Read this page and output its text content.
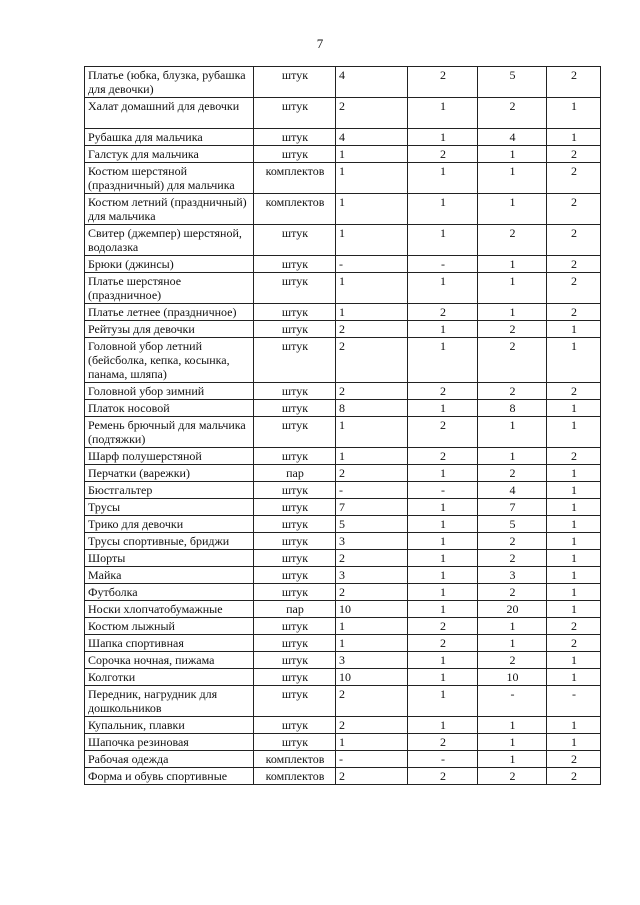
7
Платье (юбка, блузка, рубашка для девочки)	штук	4	2	5	2
Халат домашний для девочки	штук	2	1	2	1
Рубашка для мальчика	штук	4	1	4	1
Галстук для мальчика	штук	1	2	1	2
Костюм шерстяной (праздничный) для мальчика	комплектов	1	1	1	2
Костюм летний (праздничный) для мальчика	комплектов	1	1	1	2
Свитер (джемпер) шерстяной, водолазка	штук	1	1	2	2
Брюки (джинсы)	штук	-	-	1	2
Платье шерстяное (праздничное)	штук	1	1	1	2
Платье летнее (праздничное)	штук	1	2	1	2
Рейтузы для девочки	штук	2	1	2	1
Головной убор летний (бейсболка, кепка, косынка, панама, шляпа)	штук	2	1	2	1
Головной убор зимний	штук	2	2	2	2
Платок носовой	штук	8	1	8	1
Ремень брючный для мальчика (подтяжки)	штук	1	2	1	1
Шарф полушерстяной	штук	1	2	1	2
Перчатки (варежки)	пар	2	1	2	1
Бюстгальтер	штук	-	-	4	1
Трусы	штук	7	1	7	1
Трико для девочки	штук	5	1	5	1
Трусы спортивные, бриджи	штук	3	1	2	1
Шорты	штук	2	1	2	1
Майка	штук	3	1	3	1
Футболка	штук	2	1	2	1
Носки хлопчатобумажные	пар	10	1	20	1
Костюм лыжный	штук	1	2	1	2
Шапка спортивная	штук	1	2	1	2
Сорочка ночная, пижама	штук	3	1	2	1
Колготки	штук	10	1	10	1
Передник, нагрудник для дошкольников	штук	2	1	-	-
Купальник, плавки	штук	2	1	1	1
Шапочка резиновая	штук	1	2	1	1
Рабочая одежда	комплектов	-	-	1	2
Форма и обувь спортивные	комплектов	2	2	2	2
